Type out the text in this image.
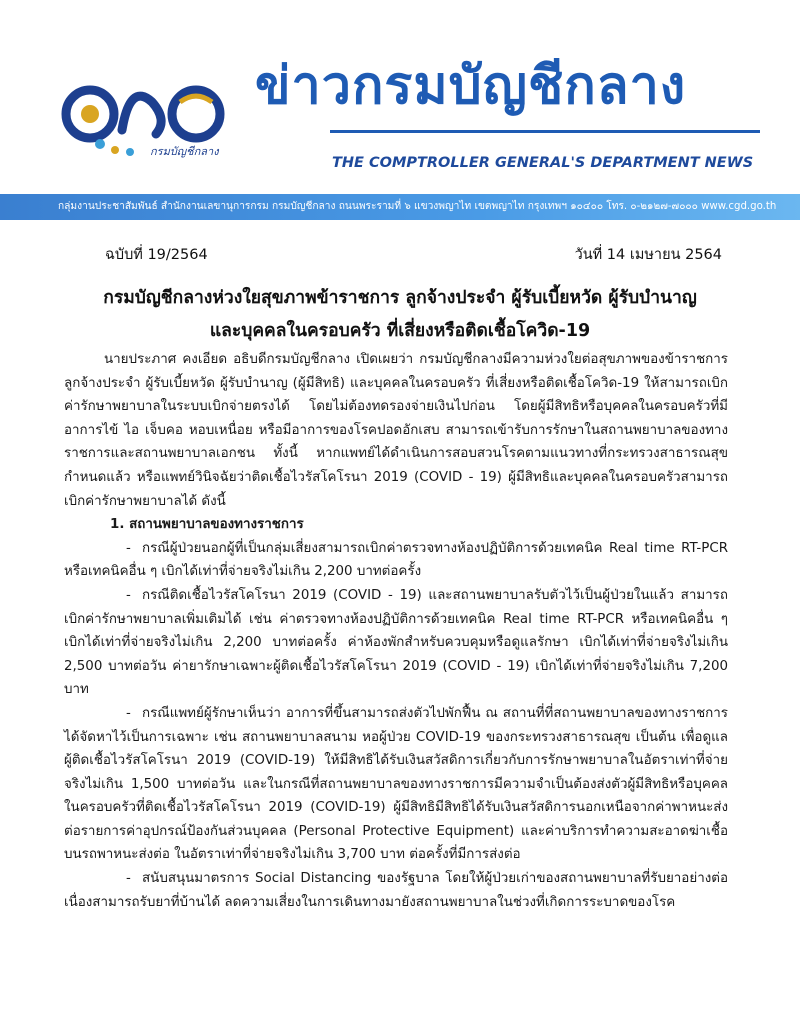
กรมบัญชีกลาง
ข่าวกรมบัญชีกลาง
THE COMPTROLLER GENERAL'S DEPARTMENT NEWS
กลุ่มงานประชาสัมพันธ์ สำนักงานเลขานุการกรม กรมบัญชีกลาง ถนนพระรามที่ ๖ แขวงพญาไท เขตพญาไท กรุงเทพฯ ๑๐๔๐๐ โทร. ๐-๒๑๒๗-๗๐๐๐ www.cgd.go.th
ฉบับที่ 19/2564	วันที่ 14 เมษายน 2564
กรมบัญชีกลางห่วงใยสุขภาพข้าราชการ ลูกจ้างประจำ ผู้รับเบี้ยหวัด ผู้รับบำนาญ
และบุคคลในครอบครัว ที่เสี่ยงหรือติดเชื้อโควิด-19

นายประภาศ คงเอียด อธิบดีกรมบัญชีกลาง เปิดเผยว่า กรมบัญชีกลางมีความห่วงใยต่อสุขภาพของข้าราชการ ลูกจ้างประจำ ผู้รับเบี้ยหวัด ผู้รับบำนาญ (ผู้มีสิทธิ) และบุคคลในครอบครัว ที่เสี่ยงหรือติดเชื้อโควิด-19 ให้สามารถเบิกค่ารักษาพยาบาลในระบบเบิกจ่ายตรงได้ โดยไม่ต้องทดรองจ่ายเงินไปก่อน โดยผู้มีสิทธิหรือบุคคลในครอบครัวที่มีอาการไข้ ไอ เจ็บคอ หอบเหนื่อย หรือมีอาการของโรคปอดอักเสบ สามารถเข้ารับการรักษาในสถานพยาบาลของทางราชการและสถานพยาบาลเอกชน ทั้งนี้ หากแพทย์ได้ดำเนินการสอบสวนโรคตามแนวทางที่กระทรวงสาธารณสุขกำหนดแล้ว หรือแพทย์วินิจฉัยว่าติดเชื้อไวรัสโคโรนา 2019 (COVID - 19) ผู้มีสิทธิและบุคคลในครอบครัวสามารถเบิกค่ารักษาพยาบาลได้ ดังนี้

1. สถานพยาบาลของทางราชการ

- กรณีผู้ป่วยนอกผู้ที่เป็นกลุ่มเสี่ยงสามารถเบิกค่าตรวจทางห้องปฏิบัติการด้วยเทคนิค Real time RT-PCR หรือเทคนิคอื่น ๆ เบิกได้เท่าที่จ่ายจริงไม่เกิน 2,200 บาทต่อครั้ง

- กรณีติดเชื้อไวรัสโคโรนา 2019 (COVID - 19) และสถานพยาบาลรับตัวไว้เป็นผู้ป่วยในแล้ว สามารถเบิกค่ารักษาพยาบาลเพิ่มเติมได้ เช่น ค่าตรวจทางห้องปฏิบัติการด้วยเทคนิค Real time RT-PCR หรือเทคนิคอื่น ๆ เบิกได้เท่าที่จ่ายจริงไม่เกิน 2,200 บาทต่อครั้ง ค่าห้องพักสำหรับควบคุมหรือดูแลรักษา เบิกได้เท่าที่จ่ายจริงไม่เกิน 2,500 บาทต่อวัน ค่ายารักษาเฉพาะผู้ติดเชื้อไวรัสโคโรนา 2019 (COVID - 19) เบิกได้เท่าที่จ่ายจริงไม่เกิน 7,200 บาท

- กรณีแพทย์ผู้รักษาเห็นว่า อาการที่ขึ้นสามารถส่งตัวไปพักฟื้น ณ สถานที่ที่สถานพยาบาลของทางราชการได้จัดหาไว้เป็นการเฉพาะ เช่น สถานพยาบาลสนาม หอผู้ป่วย COVID-19 ของกระทรวงสาธารณสุข เป็นต้น เพื่อดูแลผู้ติดเชื้อไวรัสโคโรนา 2019 (COVID-19) ให้มีสิทธิได้รับเงินสวัสดิการเกี่ยวกับการรักษาพยาบาลในอัตราเท่าที่จ่ายจริงไม่เกิน 1,500 บาทต่อวัน และในกรณีที่สถานพยาบาลของทางราชการมีความจำเป็นต้องส่งตัวผู้มีสิทธิหรือบุคคลในครอบครัวที่ติดเชื้อไวรัสโคโรนา 2019 (COVID-19) ผู้มีสิทธิมีสิทธิได้รับเงินสวัสดิการนอกเหนือจากค่าพาหนะส่งต่อรายการค่าอุปกรณ์ป้องกันส่วนบุคคล (Personal Protective Equipment) และค่าบริการทำความสะอาดฆ่าเชื้อบนรถพาหนะส่งต่อ ในอัตราเท่าที่จ่ายจริงไม่เกิน 3,700 บาท ต่อครั้งที่มีการส่งต่อ

- สนับสนุนมาตรการ Social Distancing ของรัฐบาล โดยให้ผู้ป่วยเก่าของสถานพยาบาลที่รับยาอย่างต่อเนื่องสามารถรับยาที่บ้านได้ ลดความเสี่ยงในการเดินทางมายังสถานพยาบาลในช่วงที่เกิดการระบาดของโรค
